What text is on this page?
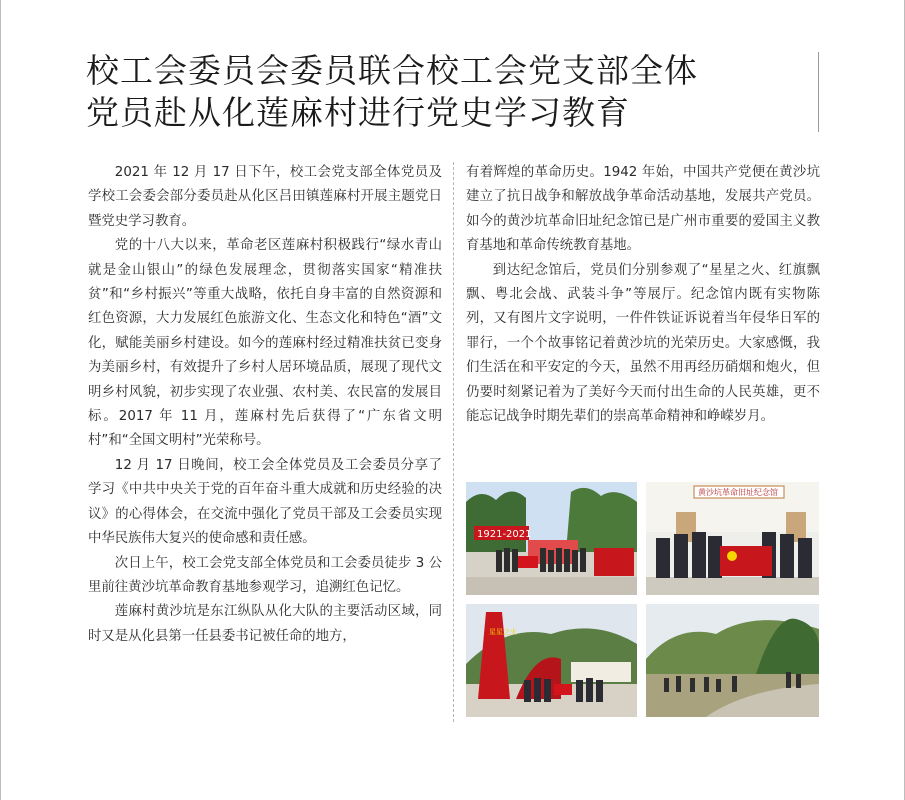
校工会委员会委员联合校工会党支部全体
党员赴从化莲麻村进行党史学习教育

2021 年 12 月 17 日下午，校工会党支部全体党员及学校工会委会部分委员赴从化区吕田镇莲麻村开展主题党日暨党史学习教育。

党的十八大以来，革命老区莲麻村积极践行“绿水青山就是金山银山”的绿色发展理念，贯彻落实国家“精准扶贫”和“乡村振兴”等重大战略，依托自身丰富的自然资源和红色资源，大力发展红色旅游文化、生态文化和特色“酒”文化，赋能美丽乡村建设。如今的莲麻村经过精准扶贫已变身为美丽乡村，有效提升了乡村人居环境品质，展现了现代文明乡村风貌，初步实现了农业强、农村美、农民富的发展目标。2017 年 11 月，莲麻村先后获得了“广东省文明村”和“全国文明村”光荣称号。

12 月 17 日晚间，校工会全体党员及工会委员分享了学习《中共中央关于党的百年奋斗重大成就和历史经验的决议》的心得体会，在交流中强化了党员干部及工会委员实现中华民族伟大复兴的使命感和责任感。

次日上午，校工会党支部全体党员和工会委员徒步 3 公里前往黄沙坑革命教育基地参观学习，追溯红色记忆。

莲麻村黄沙坑是东江纵队从化大队的主要活动区域，同时又是从化县第一任县委书记被任命的地方，

有着辉煌的革命历史。1942 年始，中国共产党便在黄沙坑建立了抗日战争和解放战争革命活动基地，发展共产党员。如今的黄沙坑革命旧址纪念馆已是广州市重要的爱国主义教育基地和革命传统教育基地。

到达纪念馆后，党员们分别参观了“星星之火、红旗飘飘、粤北会战、武装斗争”等展厅。纪念馆内既有实物陈列，又有图片文字说明，一件件铁证诉说着当年侵华日军的罪行，一个个故事铭记着黄沙坑的光荣历史。大家感慨，我们生活在和平安定的今天，虽然不用再经历硝烟和炮火，但仍要时刻紧记着为了美好今天而付出生命的人民英雄，更不能忘记战争时期先辈们的崇高革命精神和峥嵘岁月。

1921-2021
黄沙坑革命旧址纪念馆
星星之火
